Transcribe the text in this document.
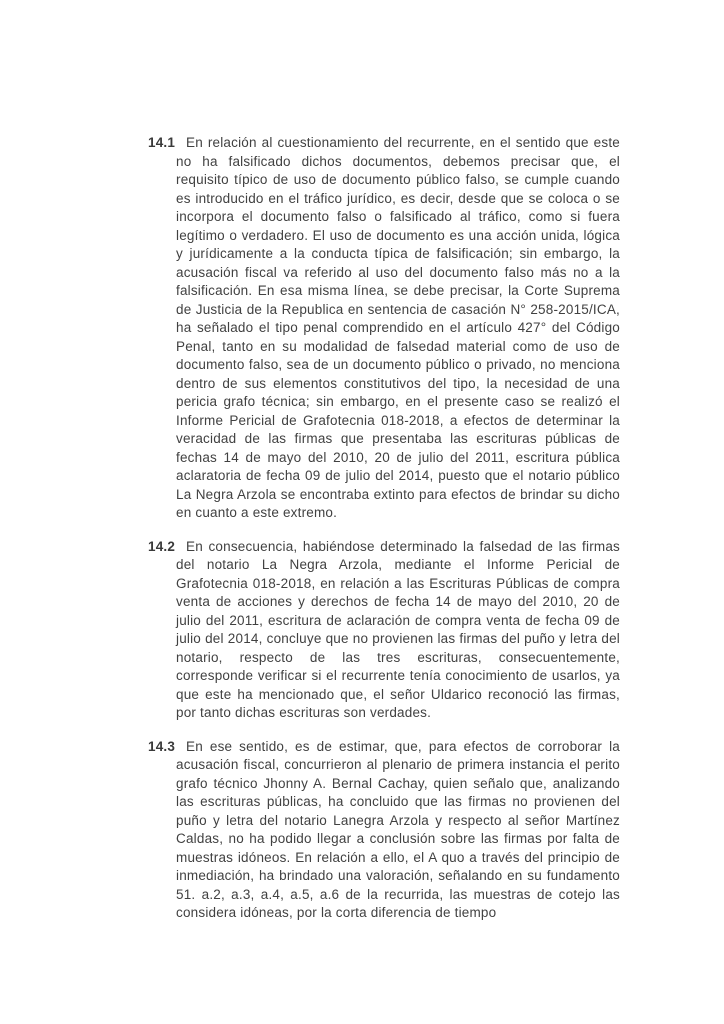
14.1 En relación al cuestionamiento del recurrente, en el sentido que este no ha falsificado dichos documentos, debemos precisar que, el requisito típico de uso de documento público falso, se cumple cuando es introducido en el tráfico jurídico, es decir, desde que se coloca o se incorpora el documento falso o falsificado al tráfico, como si fuera legítimo o verdadero. El uso de documento es una acción unida, lógica y jurídicamente a la conducta típica de falsificación; sin embargo, la acusación fiscal va referido al uso del documento falso más no a la falsificación. En esa misma línea, se debe precisar, la Corte Suprema de Justicia de la Republica en sentencia de casación N° 258-2015/ICA, ha señalado el tipo penal comprendido en el artículo 427° del Código Penal, tanto en su modalidad de falsedad material como de uso de documento falso, sea de un documento público o privado, no menciona dentro de sus elementos constitutivos del tipo, la necesidad de una pericia grafo técnica; sin embargo, en el presente caso se realizó el Informe Pericial de Grafotecnia 018-2018, a efectos de determinar la veracidad de las firmas que presentaba las escrituras públicas de fechas 14 de mayo del 2010, 20 de julio del 2011, escritura pública aclaratoria de fecha 09 de julio del 2014, puesto que el notario público La Negra Arzola se encontraba extinto para efectos de brindar su dicho en cuanto a este extremo.
14.2 En consecuencia, habiéndose determinado la falsedad de las firmas del notario La Negra Arzola, mediante el Informe Pericial de Grafotecnia 018-2018, en relación a las Escrituras Públicas de compra venta de acciones y derechos de fecha 14 de mayo del 2010, 20 de julio del 2011, escritura de aclaración de compra venta de fecha 09 de julio del 2014, concluye que no provienen las firmas del puño y letra del notario, respecto de las tres escrituras, consecuentemente, corresponde verificar si el recurrente tenía conocimiento de usarlos, ya que este ha mencionado que, el señor Uldarico reconoció las firmas, por tanto dichas escrituras son verdades.
14.3 En ese sentido, es de estimar, que, para efectos de corroborar la acusación fiscal, concurrieron al plenario de primera instancia el perito grafo técnico Jhonny A. Bernal Cachay, quien señalo que, analizando las escrituras públicas, ha concluido que las firmas no provienen del puño y letra del notario Lanegra Arzola y respecto al señor Martínez Caldas, no ha podido llegar a conclusión sobre las firmas por falta de muestras idóneos. En relación a ello, el A quo a través del principio de inmediación, ha brindado una valoración, señalando en su fundamento 51. a.2, a.3, a.4, a.5, a.6 de la recurrida, las muestras de cotejo las considera idóneas, por la corta diferencia de tiempo
